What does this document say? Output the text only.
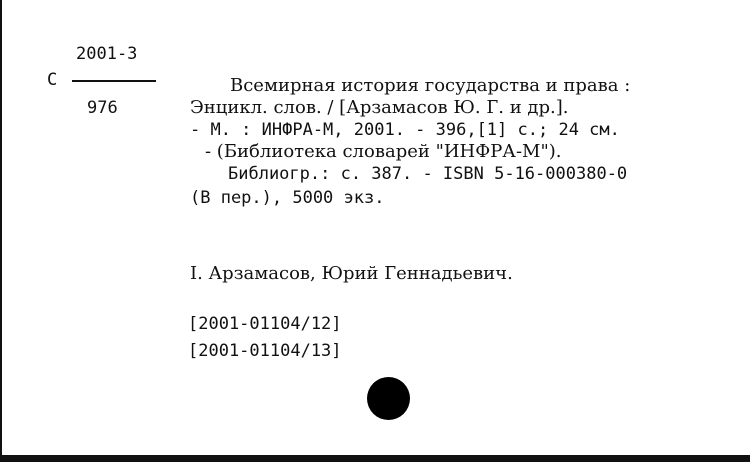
2001-3
С
976
Всемирная история государства и права :
Энцикл. слов. / [Арзамасов Ю. Г. и др.].
- М. : ИНФРА-М, 2001. - 396,[1] с.; 24 см.
- (Библиотека словарей "ИНФРА-М").
Библиогр.: с. 387. - ISBN 5-16-000380-0
(В пер.), 5000 экз.
I. Арзамасов, Юрий Геннадьевич.
[2001-01104/12]
[2001-01104/13]
